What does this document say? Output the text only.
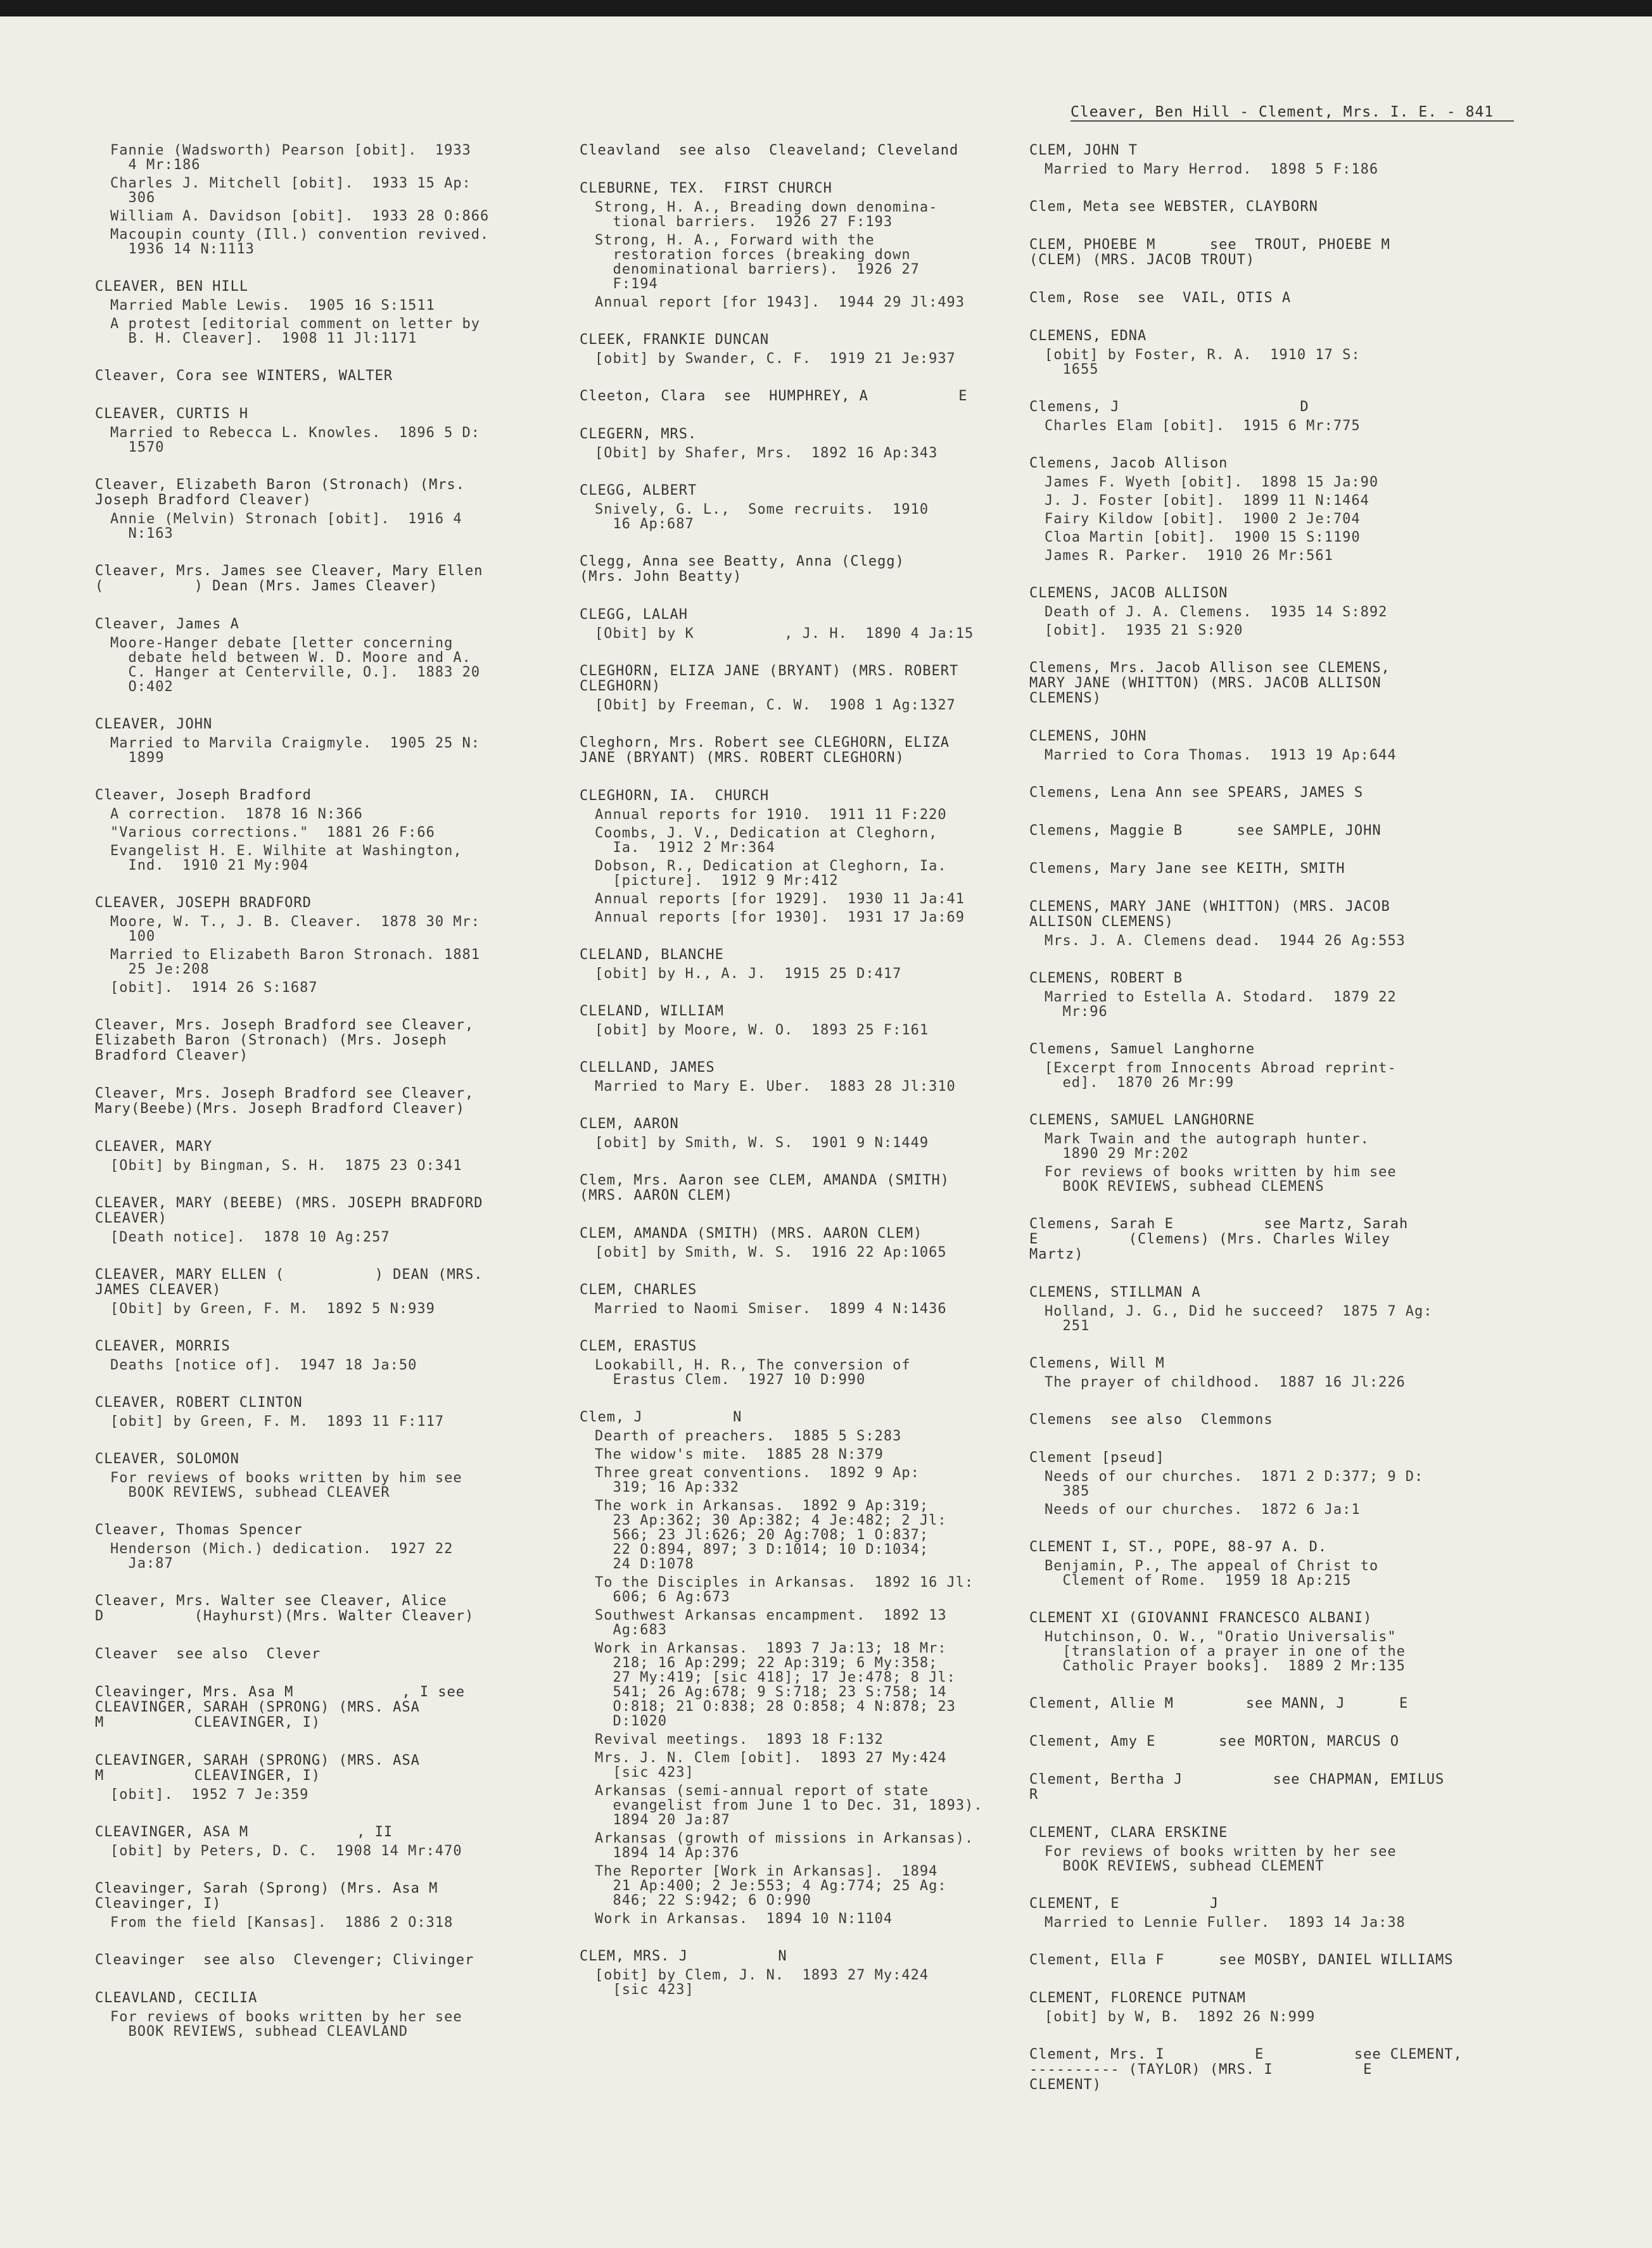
Cleaver, Ben Hill - Clement, Mrs. I. E. - 841
Fannie (Wadsworth) Pearson [obit].  1933
4 Mr:186
Charles J. Mitchell [obit].  1933 15 Ap:
306
William A. Davidson [obit].  1933 28 O:866
Macoupin county (Ill.) convention revived.
1936 14 N:1113
CLEAVER, BEN HILL
Married Mable Lewis.  1905 16 S:1511
A protest [editorial comment on letter by
B. H. Cleaver].  1908 11 Jl:1171
Cleaver, Cora see WINTERS, WALTER
CLEAVER, CURTIS H
Married to Rebecca L. Knowles.  1896 5 D:
1570
Cleaver, Elizabeth Baron (Stronach) (Mrs.
Joseph Bradford Cleaver)
Annie (Melvin) Stronach [obit].  1916 4
N:163
Cleaver, Mrs. James see Cleaver, Mary Ellen
(          ) Dean (Mrs. James Cleaver)
Cleaver, James A
Moore-Hanger debate [letter concerning
debate held between W. D. Moore and A.
C. Hanger at Centerville, O.].  1883 20
O:402
CLEAVER, JOHN
Married to Marvila Craigmyle.  1905 25 N:
1899
Cleaver, Joseph Bradford
A correction.  1878 16 N:366
"Various corrections."  1881 26 F:66
Evangelist H. E. Wilhite at Washington,
Ind.  1910 21 My:904
CLEAVER, JOSEPH BRADFORD
Moore, W. T., J. B. Cleaver.  1878 30 Mr:
100
Married to Elizabeth Baron Stronach. 1881
25 Je:208
[obit].  1914 26 S:1687
Cleaver, Mrs. Joseph Bradford see Cleaver,
Elizabeth Baron (Stronach) (Mrs. Joseph
Bradford Cleaver)
Cleaver, Mrs. Joseph Bradford see Cleaver,
Mary(Beebe)(Mrs. Joseph Bradford Cleaver)
CLEAVER, MARY
[Obit] by Bingman, S. H.  1875 23 O:341
CLEAVER, MARY (BEEBE) (MRS. JOSEPH BRADFORD
CLEAVER)
[Death notice].  1878 10 Ag:257
CLEAVER, MARY ELLEN (          ) DEAN (MRS.
JAMES CLEAVER)
[Obit] by Green, F. M.  1892 5 N:939
CLEAVER, MORRIS
Deaths [notice of].  1947 18 Ja:50
CLEAVER, ROBERT CLINTON
[obit] by Green, F. M.  1893 11 F:117
CLEAVER, SOLOMON
For reviews of books written by him see
BOOK REVIEWS, subhead CLEAVER
Cleaver, Thomas Spencer
Henderson (Mich.) dedication.  1927 22
Ja:87
Cleaver, Mrs. Walter see Cleaver, Alice
D          (Hayhurst)(Mrs. Walter Cleaver)
Cleaver  see also  Clever
Cleavinger, Mrs. Asa M            , I see
CLEAVINGER, SARAH (SPRONG) (MRS. ASA
M          CLEAVINGER, I)
CLEAVINGER, SARAH (SPRONG) (MRS. ASA
M          CLEAVINGER, I)
[obit].  1952 7 Je:359
CLEAVINGER, ASA M            , II
[obit] by Peters, D. C.  1908 14 Mr:470
Cleavinger, Sarah (Sprong) (Mrs. Asa M
Cleavinger, I)
From the field [Kansas].  1886 2 O:318
Cleavinger  see also  Clevenger; Clivinger
CLEAVLAND, CECILIA
For reviews of books written by her see
BOOK REVIEWS, subhead CLEAVLAND
Cleavland  see also  Cleaveland; Cleveland
CLEBURNE, TEX.  FIRST CHURCH
Strong, H. A., Breading down denomina-
tional barriers.  1926 27 F:193
Strong, H. A., Forward with the
restoration forces (breaking down
denominational barriers).  1926 27
F:194
Annual report [for 1943].  1944 29 Jl:493
CLEEK, FRANKIE DUNCAN
[obit] by Swander, C. F.  1919 21 Je:937
Cleeton, Clara  see  HUMPHREY, A          E
CLEGERN, MRS.
[Obit] by Shafer, Mrs.  1892 16 Ap:343
CLEGG, ALBERT
Snively, G. L.,  Some recruits.  1910
16 Ap:687
Clegg, Anna see Beatty, Anna (Clegg)
(Mrs. John Beatty)
CLEGG, LALAH
[Obit] by K          , J. H.  1890 4 Ja:15
CLEGHORN, ELIZA JANE (BRYANT) (MRS. ROBERT
CLEGHORN)
[Obit] by Freeman, C. W.  1908 1 Ag:1327
Cleghorn, Mrs. Robert see CLEGHORN, ELIZA
JANE (BRYANT) (MRS. ROBERT CLEGHORN)
CLEGHORN, IA.  CHURCH
Annual reports for 1910.  1911 11 F:220
Coombs, J. V., Dedication at Cleghorn,
Ia.  1912 2 Mr:364
Dobson, R., Dedication at Cleghorn, Ia.
[picture].  1912 9 Mr:412
Annual reports [for 1929].  1930 11 Ja:41
Annual reports [for 1930].  1931 17 Ja:69
CLELAND, BLANCHE
[obit] by H., A. J.  1915 25 D:417
CLELAND, WILLIAM
[obit] by Moore, W. O.  1893 25 F:161
CLELLAND, JAMES
Married to Mary E. Uber.  1883 28 Jl:310
CLEM, AARON
[obit] by Smith, W. S.  1901 9 N:1449
Clem, Mrs. Aaron see CLEM, AMANDA (SMITH)
(MRS. AARON CLEM)
CLEM, AMANDA (SMITH) (MRS. AARON CLEM)
[obit] by Smith, W. S.  1916 22 Ap:1065
CLEM, CHARLES
Married to Naomi Smiser.  1899 4 N:1436
CLEM, ERASTUS
Lookabill, H. R., The conversion of
Erastus Clem.  1927 10 D:990
Clem, J          N
Dearth of preachers.  1885 5 S:283
The widow's mite.  1885 28 N:379
Three great conventions.  1892 9 Ap:
319; 16 Ap:332
The work in Arkansas.  1892 9 Ap:319;
23 Ap:362; 30 Ap:382; 4 Je:482; 2 Jl:
566; 23 Jl:626; 20 Ag:708; 1 O:837;
22 O:894, 897; 3 D:1014; 10 D:1034;
24 D:1078
To the Disciples in Arkansas.  1892 16 Jl:
606; 6 Ag:673
Southwest Arkansas encampment.  1892 13
Ag:683
Work in Arkansas.  1893 7 Ja:13; 18 Mr:
218; 16 Ap:299; 22 Ap:319; 6 My:358;
27 My:419; [sic 418]; 17 Je:478; 8 Jl:
541; 26 Ag:678; 9 S:718; 23 S:758; 14
O:818; 21 O:838; 28 O:858; 4 N:878; 23
D:1020
Revival meetings.  1893 18 F:132
Mrs. J. N. Clem [obit].  1893 27 My:424
[sic 423]
Arkansas (semi-annual report of state
evangelist from June 1 to Dec. 31, 1893).
1894 20 Ja:87
Arkansas (growth of missions in Arkansas).
1894 14 Ap:376
The Reporter [Work in Arkansas].  1894
21 Ap:400; 2 Je:553; 4 Ag:774; 25 Ag:
846; 22 S:942; 6 O:990
Work in Arkansas.  1894 10 N:1104
CLEM, MRS. J          N
[obit] by Clem, J. N.  1893 27 My:424
[sic 423]
CLEM, JOHN T
Married to Mary Herrod.  1898 5 F:186
Clem, Meta see WEBSTER, CLAYBORN
CLEM, PHOEBE M      see  TROUT, PHOEBE M
(CLEM) (MRS. JACOB TROUT)
Clem, Rose  see  VAIL, OTIS A
CLEMENS, EDNA
[obit] by Foster, R. A.  1910 17 S:
1655
Clemens, J                    D
Charles Elam [obit].  1915 6 Mr:775
Clemens, Jacob Allison
James F. Wyeth [obit].  1898 15 Ja:90
J. J. Foster [obit].  1899 11 N:1464
Fairy Kildow [obit].  1900 2 Je:704
Cloa Martin [obit].  1900 15 S:1190
James R. Parker.  1910 26 Mr:561
CLEMENS, JACOB ALLISON
Death of J. A. Clemens.  1935 14 S:892
[obit].  1935 21 S:920
Clemens, Mrs. Jacob Allison see CLEMENS,
MARY JANE (WHITTON) (MRS. JACOB ALLISON
CLEMENS)
CLEMENS, JOHN
Married to Cora Thomas.  1913 19 Ap:644
Clemens, Lena Ann see SPEARS, JAMES S
Clemens, Maggie B      see SAMPLE, JOHN
Clemens, Mary Jane see KEITH, SMITH
CLEMENS, MARY JANE (WHITTON) (MRS. JACOB
ALLISON CLEMENS)
Mrs. J. A. Clemens dead.  1944 26 Ag:553
CLEMENS, ROBERT B
Married to Estella A. Stodard.  1879 22
Mr:96
Clemens, Samuel Langhorne
[Excerpt from Innocents Abroad reprint-
ed].  1870 26 Mr:99
CLEMENS, SAMUEL LANGHORNE
Mark Twain and the autograph hunter.
1890 29 Mr:202
For reviews of books written by him see
BOOK REVIEWS, subhead CLEMENS
Clemens, Sarah E          see Martz, Sarah
E          (Clemens) (Mrs. Charles Wiley
Martz)
CLEMENS, STILLMAN A
Holland, J. G., Did he succeed?  1875 7 Ag:
251
Clemens, Will M
The prayer of childhood.  1887 16 Jl:226
Clemens  see also  Clemmons
Clement [pseud]
Needs of our churches.  1871 2 D:377; 9 D:
385
Needs of our churches.  1872 6 Ja:1
CLEMENT I, ST., POPE, 88-97 A. D.
Benjamin, P., The appeal of Christ to
Clement of Rome.  1959 18 Ap:215
CLEMENT XI (GIOVANNI FRANCESCO ALBANI)
Hutchinson, O. W., "Oratio Universalis"
[translation of a prayer in one of the
Catholic Prayer books].  1889 2 Mr:135
Clement, Allie M        see MANN, J      E
Clement, Amy E       see MORTON, MARCUS O
Clement, Bertha J          see CHAPMAN, EMILUS
R
CLEMENT, CLARA ERSKINE
For reviews of books written by her see
BOOK REVIEWS, subhead CLEMENT
CLEMENT, E          J
Married to Lennie Fuller.  1893 14 Ja:38
Clement, Ella F      see MOSBY, DANIEL WILLIAMS
CLEMENT, FLORENCE PUTNAM
[obit] by W, B.  1892 26 N:999
Clement, Mrs. I          E          see CLEMENT,
---------- (TAYLOR) (MRS. I          E
CLEMENT)
